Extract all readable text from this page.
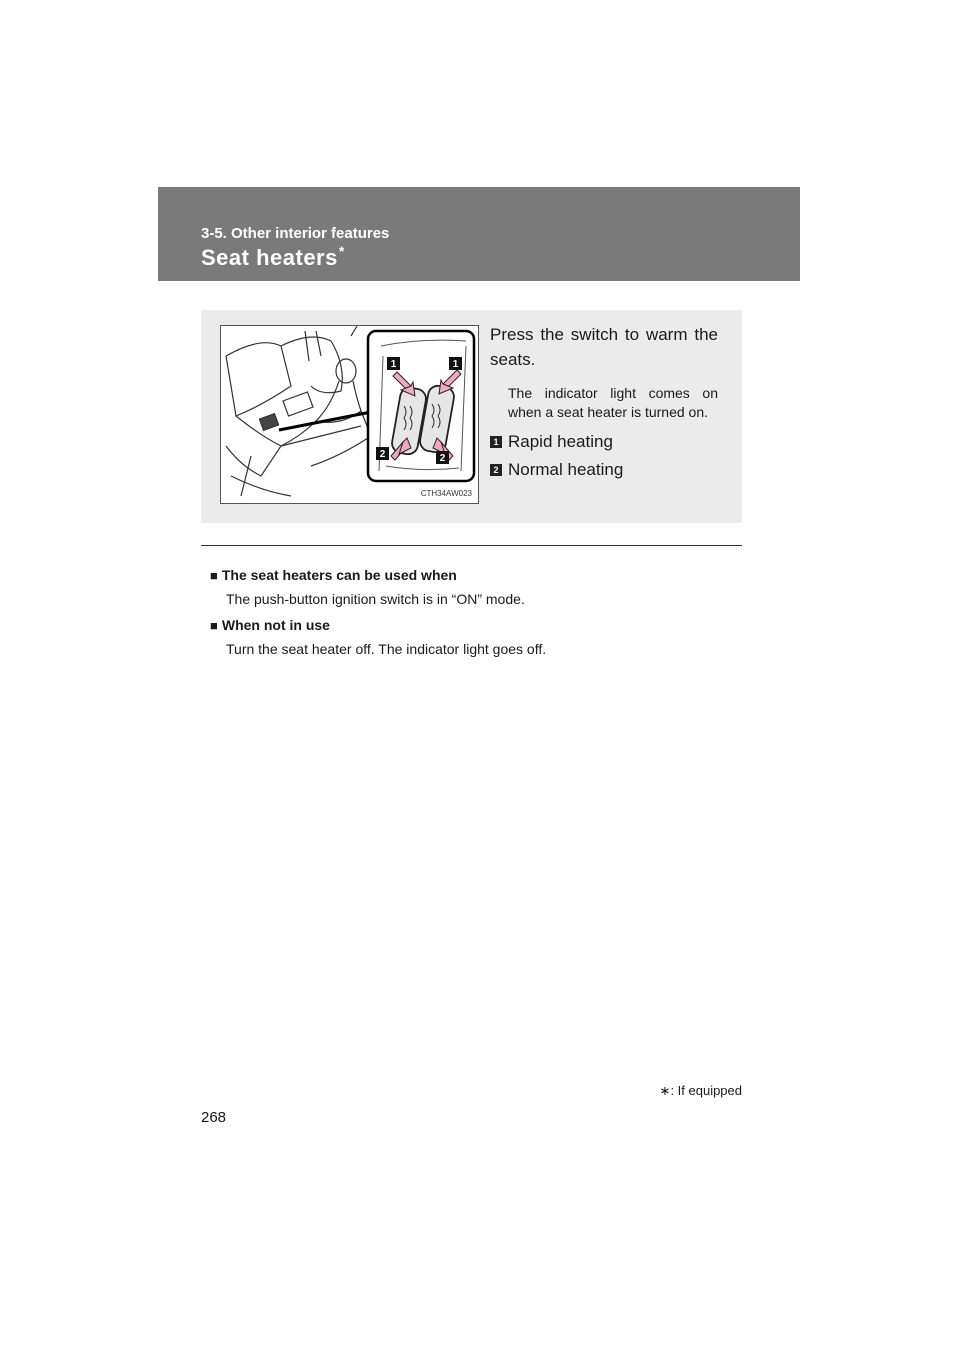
3-5. Other interior features
Seat heaters*
1	1
2	2
CTH34AW023

Press the switch to warm the seats.

The indicator light comes on when a seat heater is turned on.

1 Rapid heating
2 Normal heating

■ The seat heaters can be used when

The push-button ignition switch is in “ON” mode.

■ When not in use

Turn the seat heater off. The indicator light goes off.

∗: If equipped
268
